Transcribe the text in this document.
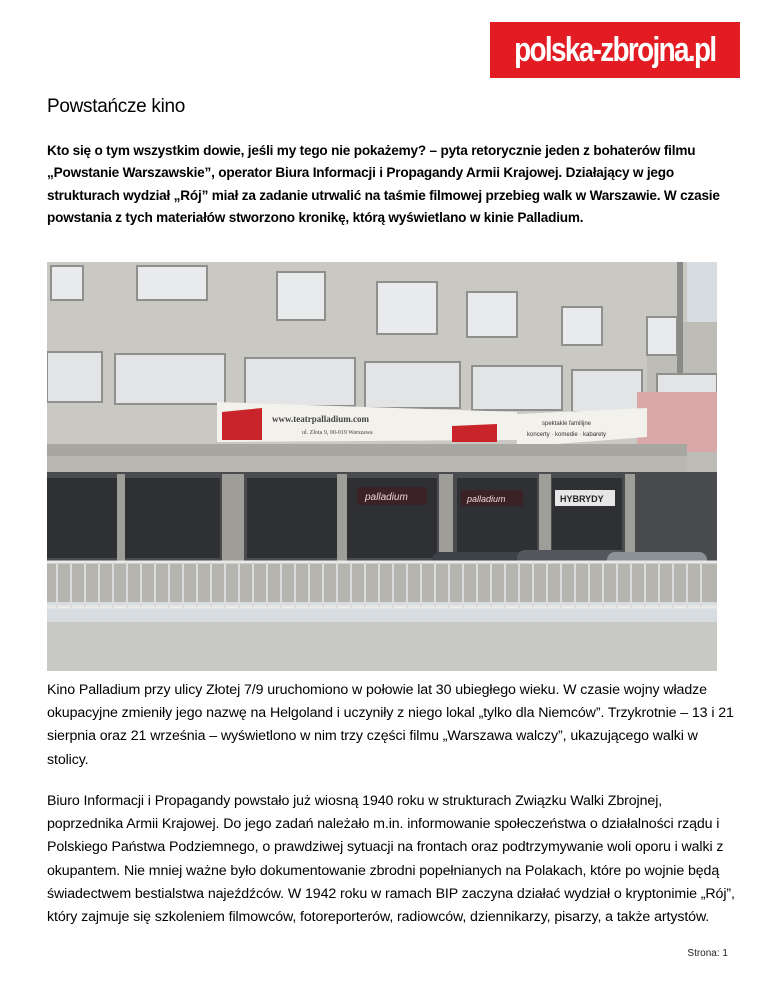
polska-zbrojna.pl
Powstańcze kino

Kto się o tym wszystkim dowie, jeśli my tego nie pokażemy? – pyta retorycznie jeden z bohaterów filmu „Powstanie Warszawskie”, operator Biura Informacji i Propagandy Armii Krajowej. Działający w jego strukturach wydział „Rój” miał za zadanie utrwalić na taśmie filmowej przebieg walk w Warszawie. W czasie powstania z tych materiałów stworzono kronikę, którą wyświetlano w kinie Palladium.

www.teatrpalladium.com
ul. Złota 9, 00-019 Warszawa
spektakle familijne
koncerty · komedie · kabarety
palladium	palladium	HYBRYDY

Kino Palladium przy ulicy Złotej 7/9 uruchomiono w połowie lat 30 ubiegłego wieku. W czasie wojny władze okupacyjne zmieniły jego nazwę na Helgoland i uczyniły z niego lokal „tylko dla Niemców”. Trzykrotnie – 13 i 21 sierpnia oraz 21 września – wyświetlono w nim trzy części filmu „Warszawa walczy”, ukazującego walki w stolicy.

Biuro Informacji i Propagandy powstało już wiosną 1940 roku w strukturach Związku Walki Zbrojnej, poprzednika Armii Krajowej. Do jego zadań należało m.in. informowanie społeczeństwa o działalności rządu i Polskiego Państwa Podziemnego, o prawdziwej sytuacji na frontach oraz podtrzymywanie woli oporu i walki z okupantem. Nie mniej ważne było dokumentowanie zbrodni popełnianych na Polakach, które po wojnie będą świadectwem bestialstwa najeźdźców. W 1942 roku w ramach BIP zaczyna działać wydział o kryptonimie „Rój”, który zajmuje się szkoleniem filmowców, fotoreporterów, radiowców, dziennikarzy, pisarzy, a także artystów.

Strona: 1
